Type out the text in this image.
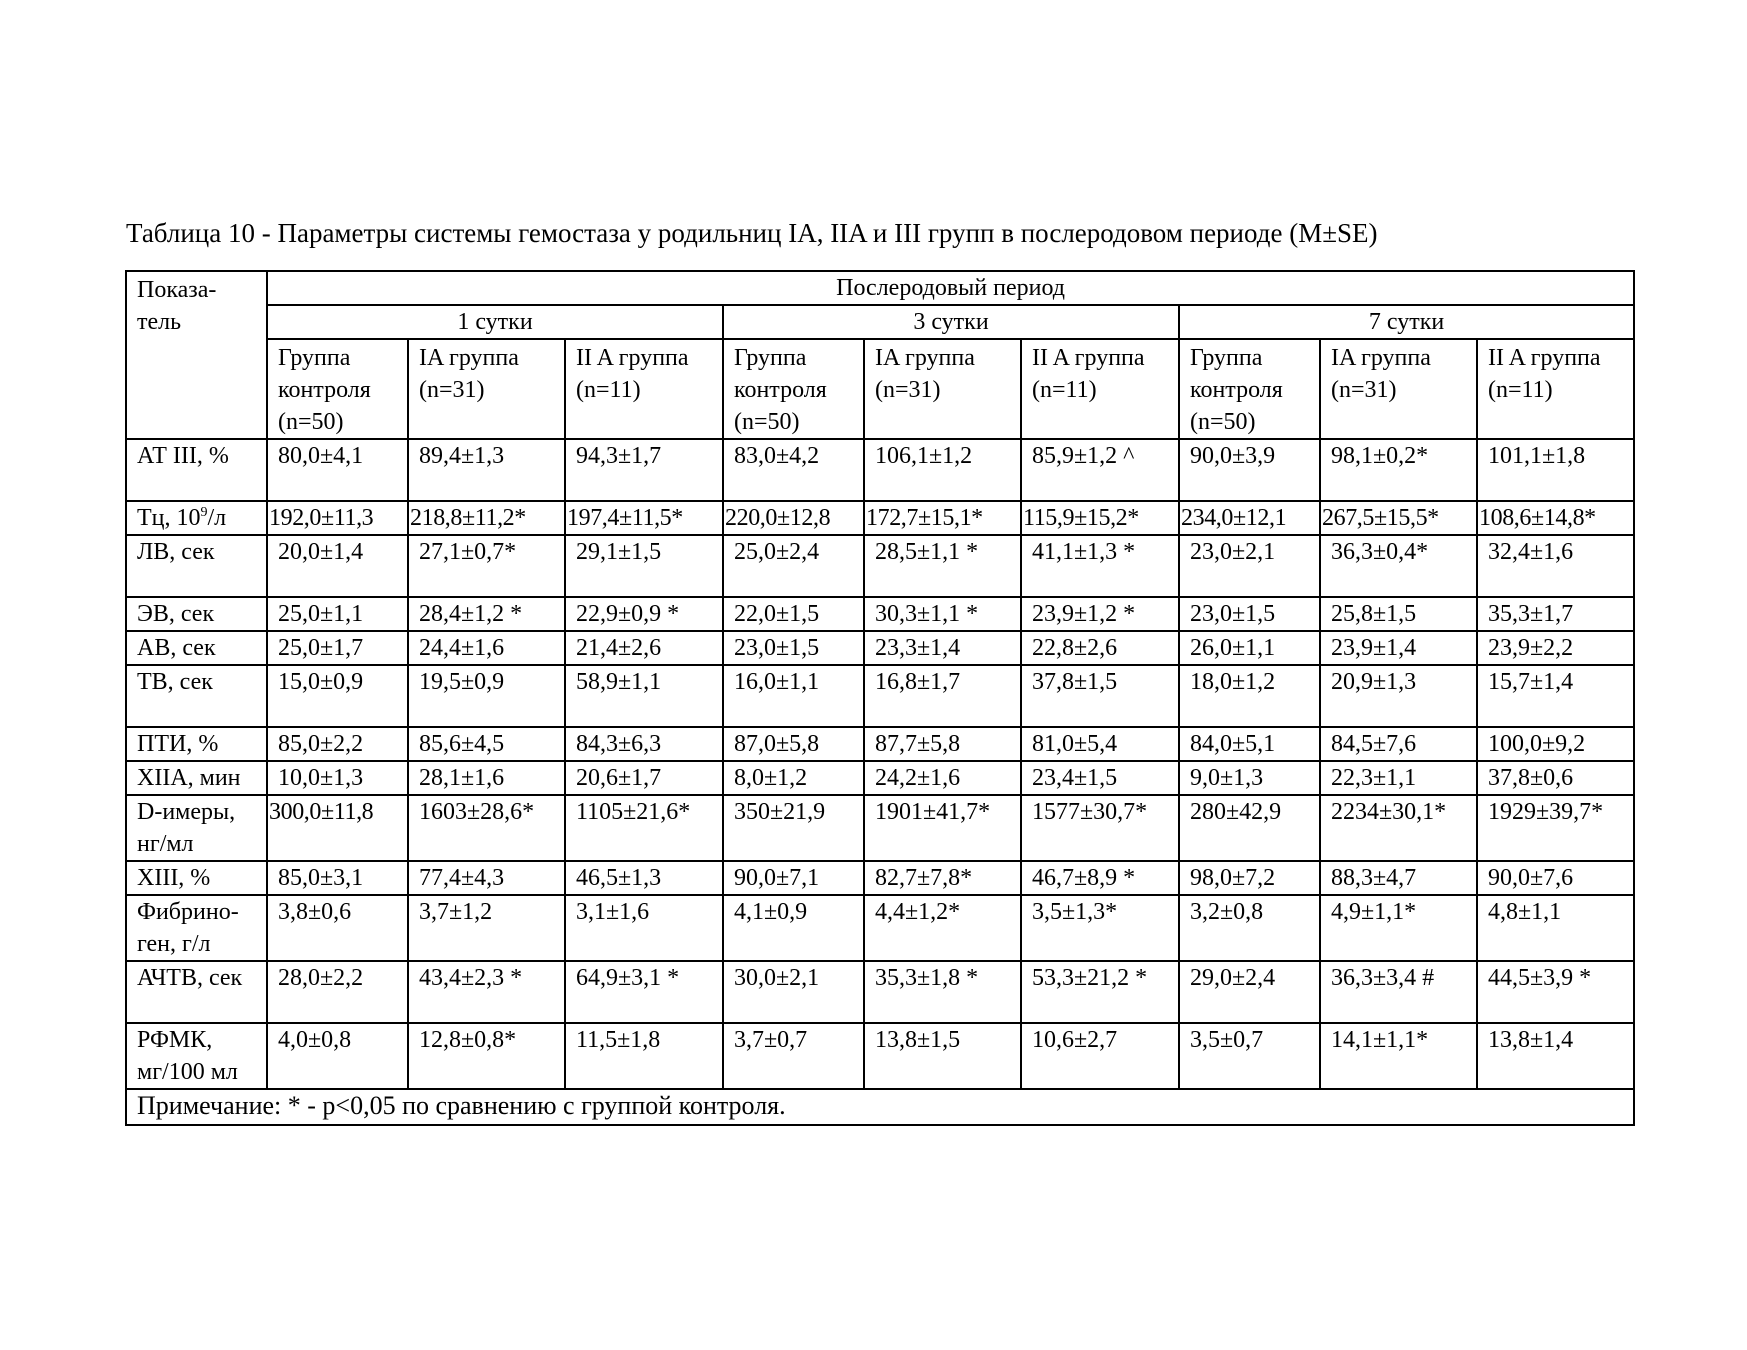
Таблица 10 - Параметры системы гемостаза у родильниц IA, IIA и III групп в послеродовом периоде (M±SE)
Показа-
тель	Послеродовый период								
	1 сутки			3 сутки			7 сутки		
	Группа контроля (n=50)	IA группа (n=31)	II A группа (n=11)	Группа контроля (n=50)	IA группа (n=31)	II A группа (n=11)	Группа контроля (n=50)	IA группа (n=31)	II A группа (n=11)
АТ III, %	80,0±4,1	89,4±1,3	94,3±1,7	83,0±4,2	106,1±1,2	85,9±1,2 ^	90,0±3,9	98,1±0,2*	101,1±1,8
Тц, $10^9/л$	192,0±11,3	218,8±11,2*	197,4±11,5*	220,0±12,8	172,7±15,1*	115,9±15,2*	234,0±12,1	267,5±15,5*	108,6±14,8*
ЛВ, сек	20,0±1,4	27,1±0,7*	29,1±1,5	25,0±2,4	28,5±1,1 *	41,1±1,3 *	23,0±2,1	36,3±0,4*	32,4±1,6
ЭВ, сек	25,0±1,1	28,4±1,2 *	22,9±0,9 *	22,0±1,5	30,3±1,1 *	23,9±1,2 *	23,0±1,5	25,8±1,5	35,3±1,7
АВ, сек	25,0±1,7	24,4±1,6	21,4±2,6	23,0±1,5	23,3±1,4	22,8±2,6	26,0±1,1	23,9±1,4	23,9±2,2
ТВ, сек	15,0±0,9	19,5±0,9	58,9±1,1	16,0±1,1	16,8±1,7	37,8±1,5	18,0±1,2	20,9±1,3	15,7±1,4
ПТИ, %	85,0±2,2	85,6±4,5	84,3±6,3	87,0±5,8	87,7±5,8	81,0±5,4	84,0±5,1	84,5±7,6	100,0±9,2
XIIA, мин	10,0±1,3	28,1±1,6	20,6±1,7	8,0±1,2	24,2±1,6	23,4±1,5	9,0±1,3	22,3±1,1	37,8±0,6
D-имеры, нг/мл	300,0±11,8	1603±28,6*	1105±21,6*	350±21,9	1901±41,7*	1577±30,7*	280±42,9	2234±30,1*	1929±39,7*
XIII, %	85,0±3,1	77,4±4,3	46,5±1,3	90,0±7,1	82,7±7,8*	46,7±8,9 *	98,0±7,2	88,3±4,7	90,0±7,6
Фибрино-ген, г/л	3,8±0,6	3,7±1,2	3,1±1,6	4,1±0,9	4,4±1,2*	3,5±1,3*	3,2±0,8	4,9±1,1*	4,8±1,1
АЧТВ, сек	28,0±2,2	43,4±2,3 *	64,9±3,1 *	30,0±2,1	35,3±1,8 *	53,3±21,2 *	29,0±2,4	36,3±3,4 #	44,5±3,9 *
РФМК, мг/100 мл	4,0±0,8	12,8±0,8*	11,5±1,8	3,7±0,7	13,8±1,5	10,6±2,7	3,5±0,7	14,1±1,1*	13,8±1,4
Примечание: * - p<0,05 по сравнению с группой контроля.									
